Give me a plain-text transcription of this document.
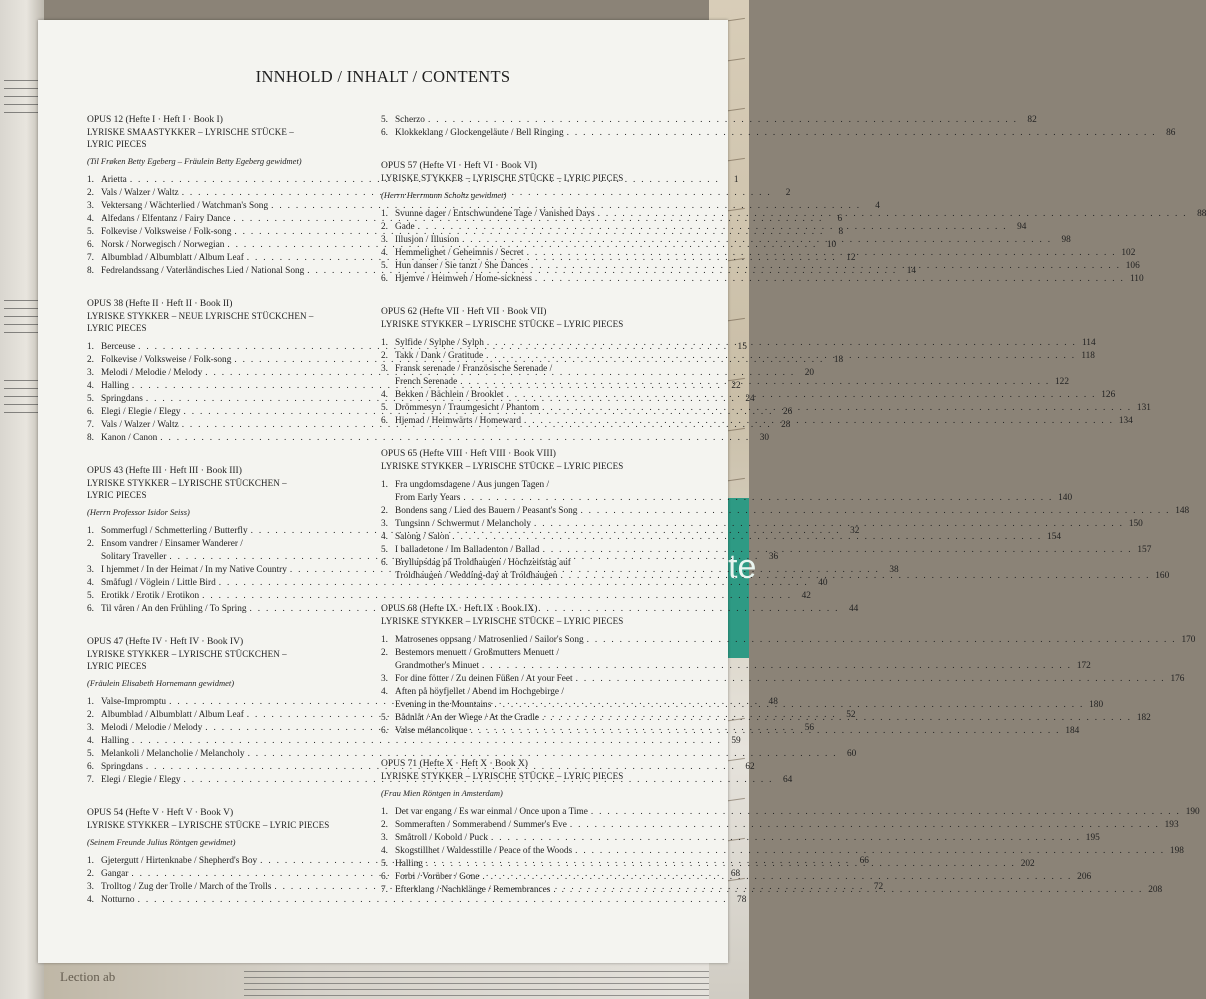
te
Lection ab
INNHOLD / INHALT / CONTENTS
OPUS 12 (Hefte I · Heft I · Book I)
LYRISKE SMAASTYKKER – LYRISCHE STÜCKE –
LYRIC PIECES
(Til Frøken Betty Egeberg – Fräulein Betty Egeberg gewidmet)
1. Arietta . . .	1
2. Vals / Walzer / Waltz . . .	2
3. Vektersang / Wächterlied / Watchman's Song . . .	4
4. Alfedans / Elfentanz / Fairy Dance . . .	6
5. Folkevise / Volksweise / Folk-song . . .	8
6. Norsk / Norwegisch / Norwegian . . .	10
7. Albumblad / Albumblatt / Album Leaf . . .	12
8. Fedrelandssang / Vaterländisches Lied / National Song . . .	14
OPUS 38 (Hefte II · Heft II · Book II)
LYRISKE STYKKER – NEUE LYRISCHE STÜCKCHEN –
LYRIC PIECES
1. Berceuse . . .	15
2. Folkevise / Volksweise / Folk-song . . .	18
3. Melodi / Melodie / Melody . . .	20
4. Halling . . .	22
5. Springdans . . .	24
6. Elegi / Elegie / Elegy . . .	26
7. Vals / Walzer / Waltz . . .	28
8. Kanon / Canon . . .	30
OPUS 43 (Hefte III · Heft III · Book III)
LYRISKE STYKKER – LYRISCHE STÜCKCHEN –
LYRIC PIECES
(Herrn Professor Isidor Seiss)
1. Sommerfugl / Schmetterling / Butterfly . . .	32
2. Ensom vandrer / Einsamer Wanderer /
Solitary Traveller . . .	36
3. I hjemmet / In der Heimat / In my Native Country . . .	38
4. Småfugl / Vöglein / Little Bird . . .	40
5. Erotikk / Erotik / Erotikon . . .	42
6. Til våren / An den Frühling / To Spring . . .	44
OPUS 47 (Hefte IV · Heft IV · Book IV)
LYRISKE STYKKER – LYRISCHE STÜCKCHEN –
LYRIC PIECES
(Fräulein Elisabeth Hornemann gewidmet)
1. Valse-Impromptu . . .	48
2. Albumblad / Albumblatt / Album Leaf . . .	52
3. Melodi / Melodie / Melody . . .	56
4. Halling . . .	59
5. Melankoli / Melancholie / Melancholy . . .	60
6. Springdans . . .	62
7. Elegi / Elegie / Elegy . . .	64
OPUS 54 (Hefte V · Heft V · Book V)
LYRISKE STYKKER – LYRISCHE STÜCKE – LYRIC PIECES
(Seinem Freunde Julius Röntgen gewidmet)
1. Gjetergutt / Hirtenknabe / Shepherd's Boy . . .	66
2. Gangar . . .	68
3. Trolltog / Zug der Trolle / March of the Trolls . . .	72
4. Notturno . . .	78
5. Scherzo . . .	82
6. Klokkeklang / Glockengeläute / Bell Ringing . . .	86
OPUS 57 (Hefte VI · Heft VI · Book VI)
LYRISKE STYKKER – LYRISCHE STÜCKE – LYRIC PIECES
(Herrn Herrmann Scholtz gewidmet)
1. Svunne dager / Entschwundene Tage / Vanished Days . . .	88
2. Gade . . .	94
3. Illusjon / Illusion . . .	98
4. Hemmelighet / Geheimnis / Secret . . .	102
5. Hun danser / Sie tanzt / She Dances . . .	106
6. Hjemve / Heimweh / Home-sickness . . .	110
OPUS 62 (Hefte VII · Heft VII · Book VII)
LYRISKE STYKKER – LYRISCHE STÜCKE – LYRIC PIECES
1. Sylfide / Sylphe / Sylph . . .	114
2. Takk / Dank / Gratitude . . .	118
3. Fransk serenade / Französische Serenade /
French Serenade . . .	122
4. Bekken / Bächlein / Brooklet . . .	126
5. Drömmesyn / Traumgesicht / Phantom . . .	131
6. Hjemad / Heimwärts / Homeward . . .	134
OPUS 65 (Hefte VIII · Heft VIII · Book VIII)
LYRISKE STYKKER – LYRISCHE STÜCKE – LYRIC PIECES
1. Fra ungdomsdagene / Aus jungen Tagen /
From Early Years . . .	140
2. Bondens sang / Lied des Bauern / Peasant's Song . . .	148
3. Tungsinn / Schwermut / Melancholy . . .	150
4. Salong / Salon . . .	154
5. I balladetone / Im Balladenton / Ballad . . .	157
6. Bryllupsdag på Troldhaugen / Hochzeitstag auf
Troldhaugen / Wedding-day at Troldhaugen . . .	160
OPUS 68 (Hefte IX · Heft IX · Book IX)
LYRISKE STYKKER – LYRISCHE STÜCKE – LYRIC PIECES
1. Matrosenes oppsang / Matrosenlied / Sailor's Song . . .	170
2. Bestemors menuett / Großmutters Menuett /
Grandmother's Minuet . . .	172
3. For dine fötter / Zu deinen Füßen / At your Feet . . .	176
4. Aften på höyfjellet / Abend im Hochgebirge /
Evening in the Mountains . . .	180
5. Bådnlåt / An der Wiege / At the Cradle . . .	182
6. Valse mélancolique . . .	184
OPUS 71 (Hefte X · Heft X · Book X)
LYRISKE STYKKER – LYRISCHE STÜCKE – LYRIC PIECES
(Frau Mien Röntgen in Amsterdam)
1. Det var engang / Es war einmal / Once upon a Time . . .	190
2. Sommeraften / Sommerabend / Summer's Eve . . .	193
3. Småtroll / Kobold / Puck . . .	195
4. Skogstillhet / Waldesstille / Peace of the Woods . . .	198
5. Halling . . .	202
6. Forbi / Vorüber / Gone . . .	206
7. Efterklang / Nachklänge / Remembrances . . .	208
